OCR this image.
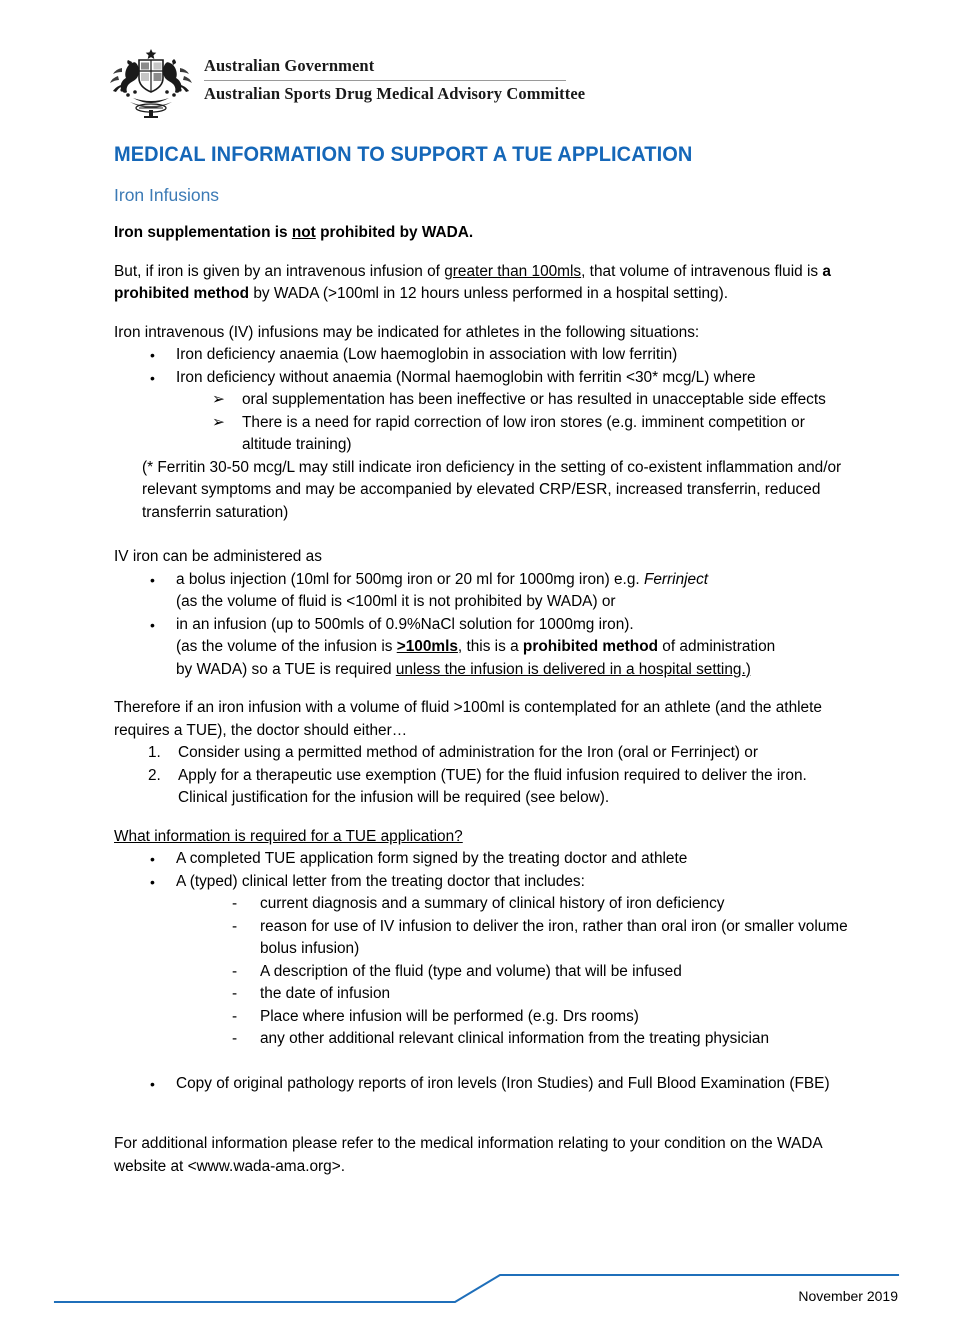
Australian Government
Australian Sports Drug Medical Advisory Committee
MEDICAL INFORMATION TO SUPPORT A TUE APPLICATION
Iron Infusions

Iron supplementation is not prohibited by WADA.

But, if iron is given by an intravenous infusion of greater than 100mls, that volume of intravenous fluid is a prohibited method by WADA (>100ml in 12 hours unless performed in a hospital setting).

Iron intravenous (IV) infusions may be indicated for athletes in the following situations:

•	Iron deficiency anaemia (Low haemoglobin in association with low ferritin)
•	Iron deficiency without anaemia (Normal haemoglobin with ferritin <30* mcg/L) where
➢	oral supplementation has been ineffective or has resulted in unacceptable side effects
➢	There is a need for rapid correction of low iron stores (e.g. imminent competition or altitude training)

(* Ferritin 30-50 mcg/L may still indicate iron deficiency in the setting of co-existent inflammation and/or relevant symptoms and may be accompanied by elevated CRP/ESR, increased transferrin, reduced transferrin saturation)

IV iron can be administered as

•	a bolus injection (10ml for 500mg iron or 20 ml for 1000mg iron) e.g. Ferrinject
(as the volume of fluid is <100ml it is not prohibited by WADA) or
•	in an infusion (up to 500mls of 0.9%NaCl solution for 1000mg iron).
(as the volume of the infusion is >100mls, this is a prohibited method of administration
by WADA) so a TUE is required unless the infusion is delivered in a hospital setting.)

Therefore if an iron infusion with a volume of fluid >100ml is contemplated for an athlete (and the athlete requires a TUE), the doctor should either…

1.	Consider using a permitted method of administration for the Iron (oral or Ferrinject) or
2.	Apply for a therapeutic use exemption (TUE) for the fluid infusion required to deliver the iron. Clinical justification for the infusion will be required (see below).

What information is required for a TUE application?

•	A completed TUE application form signed by the treating doctor and athlete
•	A (typed) clinical letter from the treating doctor that includes:
-	current diagnosis and a summary of clinical history of iron deficiency
-	reason for use of IV infusion to deliver the iron, rather than oral iron (or smaller volume bolus infusion)
-	A description of the fluid (type and volume) that will be infused
-	the date of infusion
-	Place where infusion will be performed (e.g. Drs rooms)
-	any other additional relevant clinical information from the treating physician
•	Copy of original pathology reports of iron levels (Iron Studies) and Full Blood Examination (FBE)

For additional information please refer to the medical information relating to your condition on the WADA website at <www.wada-ama.org>.

November 2019
